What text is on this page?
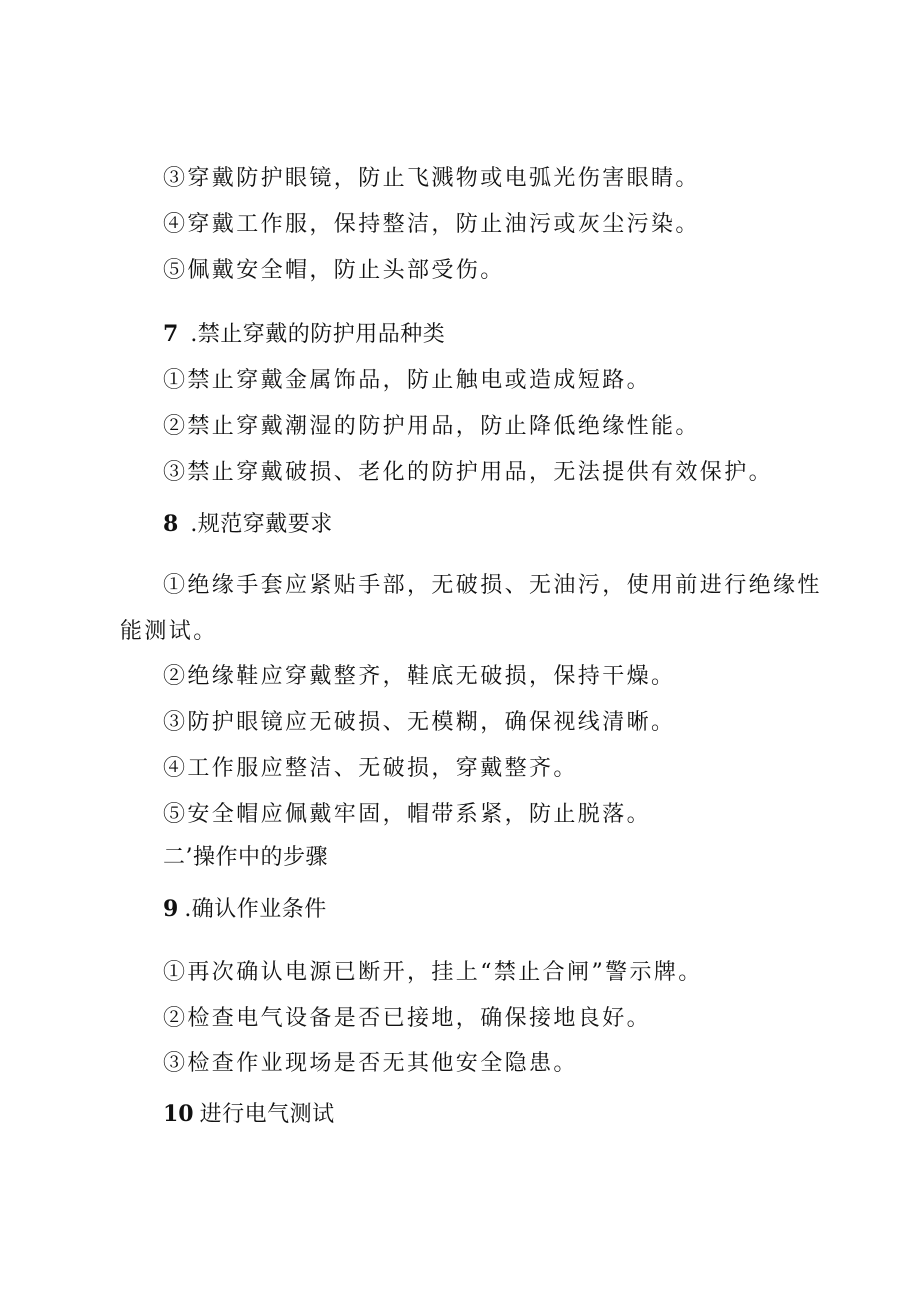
③穿戴防护眼镜，防止飞溅物或电弧光伤害眼睛。

④穿戴工作服，保持整洁，防止油污或灰尘污染。

⑤佩戴安全帽，防止头部受伤。

7 .禁止穿戴的防护用品种类

①禁止穿戴金属饰品，防止触电或造成短路。

②禁止穿戴潮湿的防护用品，防止降低绝缘性能。

③禁止穿戴破损、老化的防护用品，无法提供有效保护。

8 .规范穿戴要求

①绝缘手套应紧贴手部，无破损、无油污，使用前进行绝缘性

能测试。

②绝缘鞋应穿戴整齐，鞋底无破损，保持干燥。

③防护眼镜应无破损、无模糊，确保视线清晰。

④工作服应整洁、无破损，穿戴整齐。

⑤安全帽应佩戴牢固，帽带系紧，防止脱落。

二’操作中的步骤

9 .确认作业条件

①再次确认电源已断开，挂上“禁止合闸”警示牌。

②检查电气设备是否已接地，确保接地良好。

③检查作业现场是否无其他安全隐患。

10 进行电气测试
